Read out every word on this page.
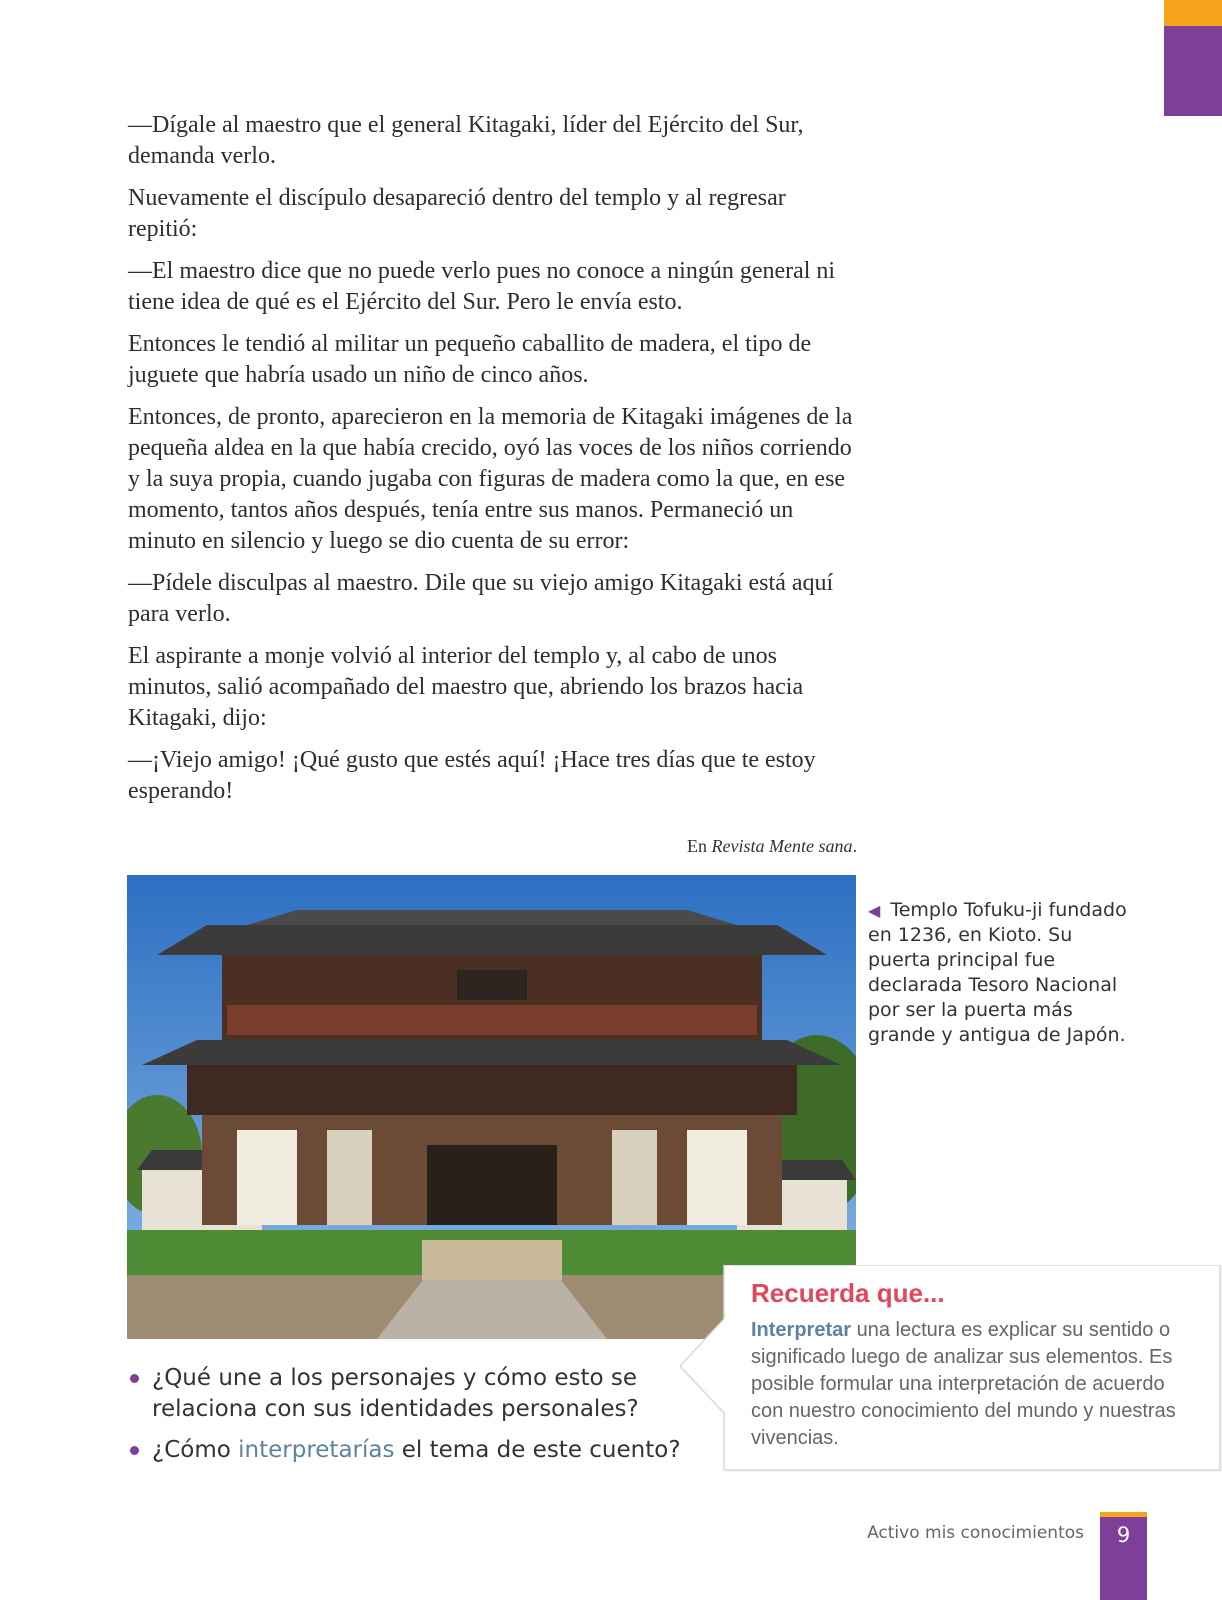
—Dígale al maestro que el general Kitagaki, líder del Ejército del Sur, demanda verlo.

Nuevamente el discípulo desapareció dentro del templo y al regresar repitió:

—El maestro dice que no puede verlo pues no conoce a ningún general ni tiene idea de qué es el Ejército del Sur. Pero le envía esto.

Entonces le tendió al militar un pequeño caballito de madera, el tipo de juguete que habría usado un niño de cinco años.

Entonces, de pronto, aparecieron en la memoria de Kitagaki imágenes de la pequeña aldea en la que había crecido, oyó las voces de los niños corriendo y la suya propia, cuando jugaba con figuras de madera como la que, en ese momento, tantos años después, tenía entre sus manos. Permaneció un minuto en silencio y luego se dio cuenta de su error:

—Pídele disculpas al maestro. Dile que su viejo amigo Kitagaki está aquí para verlo.

El aspirante a monje volvió al interior del templo y, al cabo de unos minutos, salió acompañado del maestro que, abriendo los brazos hacia Kitagaki, dijo:

—¡Viejo amigo! ¡Qué gusto que estés aquí! ¡Hace tres días que te estoy esperando!

En Revista Mente sana.
◀ Templo Tofuku-ji fundado en 1236, en Kioto. Su puerta principal fue declarada Tesoro Nacional por ser la puerta más grande y antigua de Japón.
¿Qué une a los personajes y cómo esto se relaciona con sus identidades personales?
¿Cómo interpretarías el tema de este cuento?
Recuerda que...
Interpretar una lectura es explicar su sentido o significado luego de analizar sus elementos. Es posible formular una interpretación de acuerdo con nuestro conocimiento del mundo y nuestras vivencias.
Activo mis conocimientos	9
